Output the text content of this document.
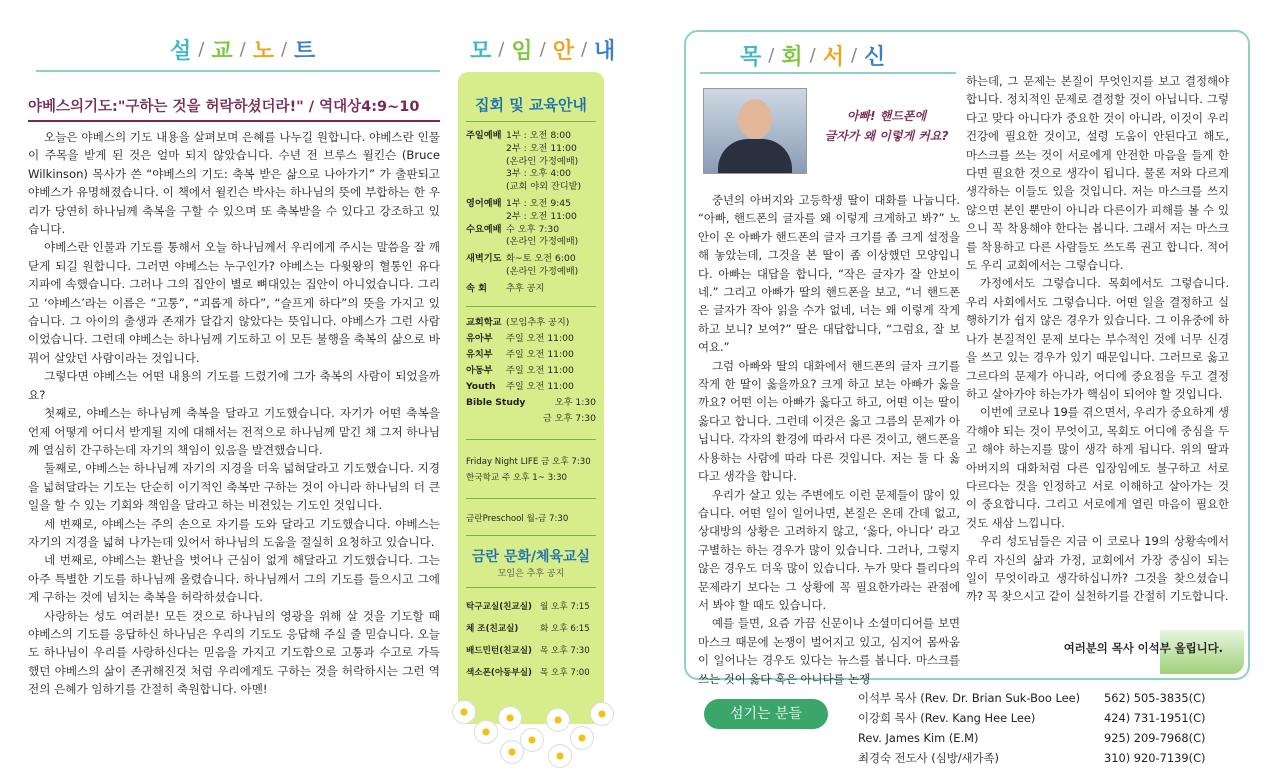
설 / 교 / 노 / 트
야베스의기도:"구하는 것을 허락하셨더라!" / 역대상4:9~10

오늘은 야베스의 기도 내용을 살펴보며 은혜를 나누길 원합니다. 야베스란 인물이 주목을 받게 된 것은 얼마 되지 않았습니다. 수년 전 브루스 윌킨슨 (Bruce Wilkinson) 목사가 쓴 “야베스의 기도: 축복 받은 삶으로 나아가기” 가 출판되고 야베스가 유명해졌습니다. 이 책에서 윌킨슨 박사는 하나님의 뜻에 부합하는 한 우리가 당연히 하나님께 축복을 구할 수 있으며 또 축복받을 수 있다고 강조하고 있습니다.

야베스란 인물과 기도를 통해서 오늘 하나님께서 우리에게 주시는 말씀을 잘 깨닫게 되길 원합니다. 그러면 야베스는 누구인가? 야베스는 다윗왕의 혈통인 유다지파에 속했습니다. 그러나 그의 집안이 별로 뼈대있는 집안이 아니었습니다. 그리고 ‘야베스’라는 이름은 “고통”, “괴롭게 하다”, “슬프게 하다”의 뜻을 가지고 있습니다. 그 아이의 출생과 존재가 달갑지 않았다는 뜻입니다. 야베스가 그런 사람이었습니다. 그런데 야베스는 하나님께 기도하고 이 모든 불행을 축복의 삶으로 바꿔어 살았던 사람이라는 것입니다.

그렇다면 야베스는 어떤 내용의 기도를 드렸기에 그가 축복의 사람이 되었을까요?

첫째로, 야베스는 하나님께 축복을 달라고 기도했습니다. 자기가 어떤 축복을 언제 어떻게 어디서 받게될 지에 대해서는 전적으로 하나님께 맡긴 채 그저 하나님께 열심히 간구하는데 자기의 책임이 있음을 발견했습니다.

둘째로, 야베스는 하나님께 자기의 지경을 더욱 넓혀달라고 기도했습니다. 지경을 넓혀달라는 기도는 단순히 이기적인 축복만 구하는 것이 아니라 하나님의 더 큰 일을 할 수 있는 기회와 책임을 달라고 하는 비젼있는 기도인 것입니다.

세 번째로, 야베스는 주의 손으로 자기를 도와 달라고 기도했습니다. 야베스는 자기의 지경을 넓혀 나가는데 있어서 하나님의 도움을 절실히 요청하고 있습니다.

네 번째로, 야베스는 환난을 벗어나 근심이 없게 해달라고 기도했습니다. 그는 아주 특별한 기도를 하나님께 올렸습니다. 하나님께서 그의 기도를 들으시고 그에게 구하는 것에 넘치는 축복을 허락하셨습니다.

사랑하는 성도 여러분! 모든 것으로 하나님의 영광을 위해 살 것을 기도할 때 야베스의 기도를 응답하신 하나님은 우리의 기도도 응답해 주실 줄 믿습니다. 오늘도 하나님이 우리를 사랑하신다는 믿음을 가지고 기도함으로 고통과 수고로 가득했던 야베스의 삶이 존귀해진것 처럼 우리에게도 구하는 것을 허락하시는 그런 역전의 은혜가 임하기를 간절히 축원합니다. 아멘!

모 / 임 / 안 / 내
집회 및 교육안내
주일예배 1부 : 오전 8:00
2부 : 오전 11:00
(온라인 가정예배)
3부 : 오후 4:00
(교회 야외 잔디밭)
영어예배 1부 : 오전 9:45
2부 : 오전 11:00
수요예배 수 오후 7:30
(온라인 가정예배)
새벽기도 화~토 오전 6:00
(온라인 가정예배)
속 회	추후 공지
교회학교 (모임추후 공지)
유아부	주일 오전 11:00
유치부	주일 오전 11:00
아동부	주일 오전 11:00
Youth	주일 오전 11:00
Bible Study	오후 1:30
금 오후 7:30
Friday Night LIFE 금 오후 7:30
한국학교 주 오후 1~ 3:30
금란Preschool 월-금 7:30
금란 문화/체육교실
모임은 추후 공지
탁구교실(친교실) 월 오후 7:15
체 조(친교실)	화 오후 6:15
배드민턴(친교실) 목 오후 7:30
색소폰(아동부실) 목 오후 7:00
목 / 회 / 서 / 신
아빠! 핸드폰에
글자가 왜 이렇게 커요?

중년의 아버지와 고등학생 딸이 대화를 나눕니다. “아빠, 핸드폰의 글자를 왜 이렇게 크게하고 봐?” 노안이 온 아빠가 핸드폰의 글자 크기를 좀 크게 설정을 해 놓았는데, 그것을 본 딸이 좀 이상했던 모양입니다. 아빠는 대답을 합니다, “작은 글자가 잘 안보이네.” 그리고 아빠가 딸의 핸드폰을 보고, “너 핸드폰은 글자가 작아 읽을 수가 없네, 너는 왜 이렇게 작게 하고 보니? 보여?” 딸은 대답합니다, “그럼요, 잘 보여요.”

그럼 아빠와 딸의 대화에서 핸드폰의 글자 크기를 작게 한 딸이 옳을까요? 크게 하고 보는 아빠가 옳을까요? 어떤 이는 아빠가 옳다고 하고, 어떤 이는 딸이 옳다고 합니다. 그런데 이것은 옳고 그름의 문제가 아닙니다. 각자의 환경에 따라서 다른 것이고, 핸드폰을 사용하는 사람에 따라 다른 것입니다. 저는 둘 다 옳다고 생각을 합니다.

우리가 살고 있는 주변에도 이런 문제들이 많이 있습니다. 어떤 일이 일어나면, 본질은 온데 간데 없고, 상대방의 상황은 고려하지 않고, ‘옳다, 아니다’ 라고 구별하는 하는 경우가 많이 있습니다. 그러나, 그렇지 않은 경우도 더욱 많이 있습니다. 누가 맞다 틀리다의 문제라기 보다는 그 상황에 꼭 필요한가라는 관점에서 봐야 할 때도 있습니다.

예를 들면, 요즘 가끔 신문이나 소셜미디어를 보면 마스크 때문에 논쟁이 벌어지고 있고, 심지어 몸싸움이 일어나는 경우도 있다는 뉴스를 봅니다. 마스크를 쓰는 것이 옳다 혹은 아니다를 논쟁

하는데, 그 문제는 본질이 무엇인지를 보고 결정해야 합니다. 정치적인 문제로 결정할 것이 아닙니다. 그렇다고 맞다 아니다가 중요한 것이 아니라, 이것이 우리 건강에 필요한 것이고, 설령 도움이 안된다고 해도, 마스크를 쓰는 것이 서로에게 안전한 마음을 들게 한다면 필요한 것으로 생각이 됩니다. 물론 저와 다르게 생각하는 이들도 있을 것입니다. 저는 마스크를 쓰지 않으면 본인 뿐만이 아니라 다른이가 피해를 볼 수 있으니 꼭 착용해야 한다는 봅니다. 그래서 저는 마스크를 착용하고 다른 사람들도 쓰도록 권고 합니다. 적어도 우리 교회에서는 그렇습니다.

가정에서도 그렇습니다. 목회에서도 그렇습니다. 우리 사회에서도 그렇습니다. 어떤 일을 결정하고 실행하기가 쉽지 않은 경우가 있습니다. 그 이유중에 하나가 본질적인 문제 보다는 부수적인 것에 너무 신경을 쓰고 있는 경우가 있기 때문입니다. 그러므로 옳고 그르다의 문제가 아니라, 어디에 중요점을 두고 결정하고 살아가야 하는가가 핵심이 되어야 할 것입니다.

이번에 코로나 19를 겪으면서, 우리가 중요하게 생각해야 되는 것이 무엇이고, 목회도 어디에 중심을 두고 해야 하는지를 많이 생각 하게 됩니다. 위의 딸과 아버지의 대화처럼 다른 입장임에도 불구하고 서로 다르다는 것을 인정하고 서로 이해하고 살아가는 것이 중요합니다. 그리고 서로에게 열린 마음이 필요한 것도 새삼 느낍니다.

우리 성도님들은 지금 이 코로나 19의 상황속에서 우리 자신의 삶과 가정, 교회에서 가장 중심이 되는 일이 무엇이라고 생각하십니까? 그것을 찾으셨습니까? 꼭 찾으시고 같이 실천하기를 간절히 기도합니다.

여러분의 목사 이석부 올립니다.
섬기는 분들
이석부 목사 (Rev. Dr. Brian Suk-Boo Lee)	562) 505-3835(C)
이강희 목사 (Rev. Kang Hee Lee)	424) 731-1951(C)
Rev. James Kim (E.M)	925) 209-7968(C)
최경숙 전도사 (심방/새가족)	310) 920-7139(C)
